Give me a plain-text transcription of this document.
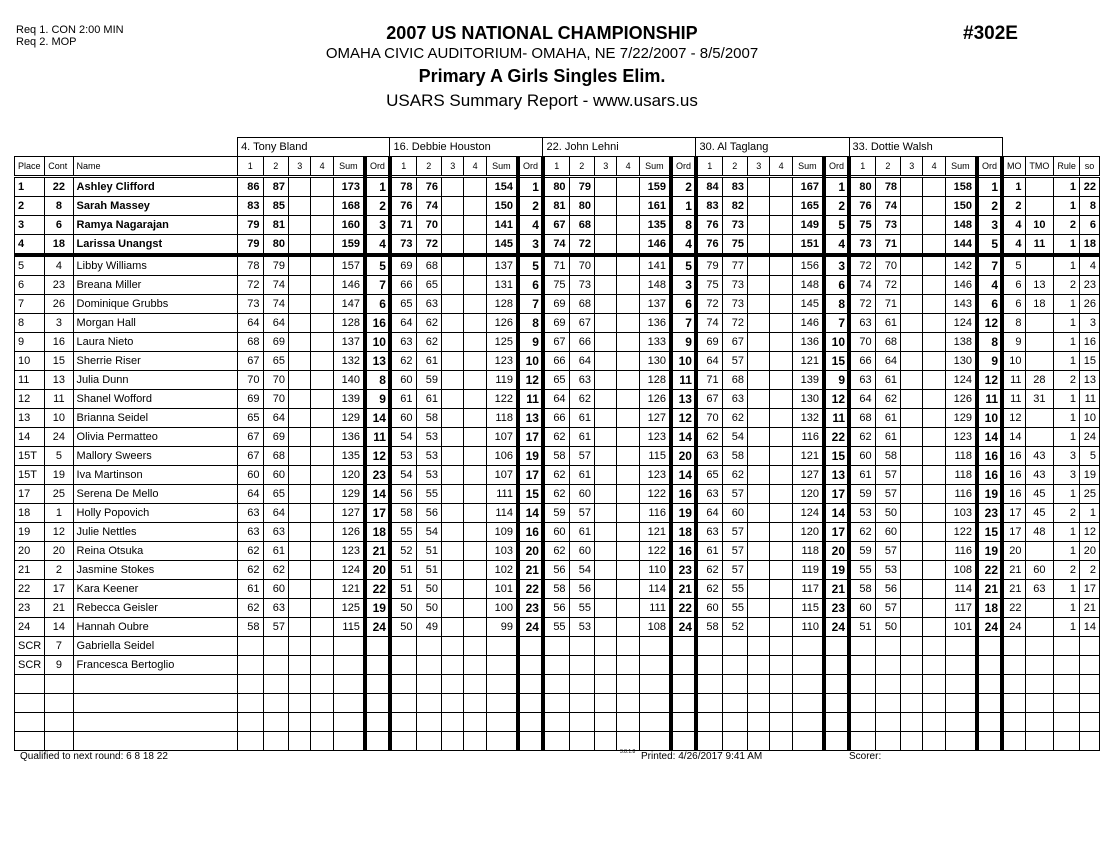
Req 1. CON 2:00 MIN
Req 2. MOP	2007 US NATIONAL CHAMPIONSHIP
OMAHA CIVIC AUDITORIUM- OMAHA, NE 7/22/2007 - 8/5/2007
Primary A Girls Singles Elim.
USARS Summary Report - www.usars.us
#302E
			4. Tony Bland						16. Debbie Houston						22. John Lehni						30. Al Taglang						33. Dottie Walsh									
Place	Cont	Name	1	2	3	4	Sum	Ord	1	2	3	4	Sum	Ord	1	2	3	4	Sum	Ord	1	2	3	4	Sum	Ord	1	2	3	4	Sum	Ord	MO	TMO	Rule	so
1	22	Ashley Clifford	86	87			173	1	78	76			154	1	80	79			159	2	84	83			167	1	80	78			158	1	1		1	22
2	8	Sarah Massey	83	85			168	2	76	74			150	2	81	80			161	1	83	82			165	2	76	74			150	2	2		1	8
3	6	Ramya Nagarajan	79	81			160	3	71	70			141	4	67	68			135	8	76	73			149	5	75	73			148	3	4	10	2	6
4	18	Larissa Unangst	79	80			159	4	73	72			145	3	74	72			146	4	76	75			151	4	73	71			144	5	4	11	1	18
5	4	Libby Williams	78	79			157	5	69	68			137	5	71	70			141	5	79	77			156	3	72	70			142	7	5		1	4
6	23	Breana Miller	72	74			146	7	66	65			131	6	75	73			148	3	75	73			148	6	74	72			146	4	6	13	2	23
7	26	Dominique Grubbs	73	74			147	6	65	63			128	7	69	68			137	6	72	73			145	8	72	71			143	6	6	18	1	26
8	3	Morgan Hall	64	64			128	16	64	62			126	8	69	67			136	7	74	72			146	7	63	61			124	12	8		1	3
9	16	Laura Nieto	68	69			137	10	63	62			125	9	67	66			133	9	69	67			136	10	70	68			138	8	9		1	16
10	15	Sherrie Riser	67	65			132	13	62	61			123	10	66	64			130	10	64	57			121	15	66	64			130	9	10		1	15
11	13	Julia Dunn	70	70			140	8	60	59			119	12	65	63			128	11	71	68			139	9	63	61			124	12	11	28	2	13
12	11	Shanel Wofford	69	70			139	9	61	61			122	11	64	62			126	13	67	63			130	12	64	62			126	11	11	31	1	11
13	10	Brianna Seidel	65	64			129	14	60	58			118	13	66	61			127	12	70	62			132	11	68	61			129	10	12		1	10
14	24	Olivia Permatteo	67	69			136	11	54	53			107	17	62	61			123	14	62	54			116	22	62	61			123	14	14		1	24
15T	5	Mallory Sweers	67	68			135	12	53	53			106	19	58	57			115	20	63	58			121	15	60	58			118	16	16	43	3	5
15T	19	Iva Martinson	60	60			120	23	54	53			107	17	62	61			123	14	65	62			127	13	61	57			118	16	16	43	3	19
17	25	Serena De Mello	64	65			129	14	56	55			111	15	62	60			122	16	63	57			120	17	59	57			116	19	16	45	1	25
18	1	Holly Popovich	63	64			127	17	58	56			114	14	59	57			116	19	64	60			124	14	53	50			103	23	17	45	2	1
19	12	Julie Nettles	63	63			126	18	55	54			109	16	60	61			121	18	63	57			120	17	62	60			122	15	17	48	1	12
20	20	Reina Otsuka	62	61			123	21	52	51			103	20	62	60			122	16	61	57			118	20	59	57			116	19	20		1	20
21	2	Jasmine Stokes	62	62			124	20	51	51			102	21	56	54			110	23	62	57			119	19	55	53			108	22	21	60	2	2
22	17	Kara Keener	61	60			121	22	51	50			101	22	58	56			114	21	62	55			117	21	58	56			114	21	21	63	1	17
23	21	Rebecca Geisler	62	63			125	19	50	50			100	23	56	55			111	22	60	55			115	23	60	57			117	18	22		1	21
24	14	Hannah Oubre	58	57			115	24	50	49			99	24	55	53			108	24	58	52			110	24	51	50			101	24	24		1	14
SCR	7	Gabriella Seidel																																		
SCR	9	Francesca Bertoglio																																		

Qualified to next round: 6 8 18 22	3.8.1.8 Printed: 4/26/2017 9:41 AM	Scorer:
